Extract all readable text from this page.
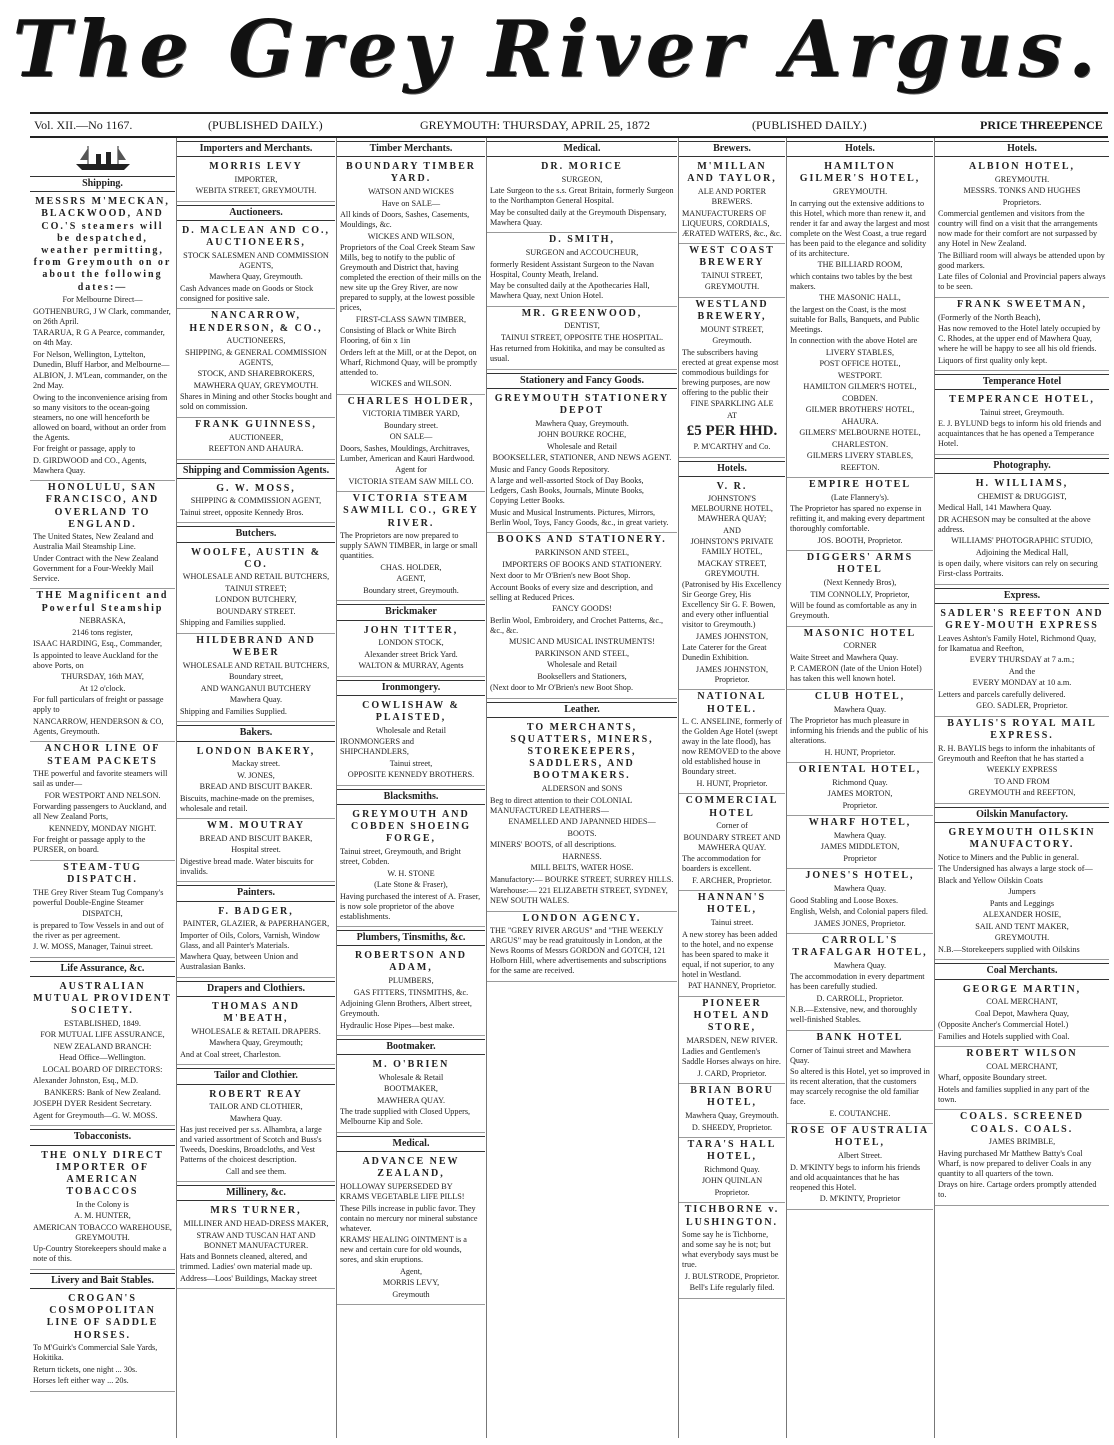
The Grey River Argus.
Vol. XII.—No 1167.	(PUBLISHED DAILY.)	GREYMOUTH: THURSDAY, APRIL 25, 1872	(PUBLISHED DAILY.)	PRICE THREEPENCE
Shipping.

MESSRS M'MECKAN, BLACKWOOD, AND CO.'S steamers will be despatched, weather permitting, from Greymouth on or about the following dates:—

For Melbourne Direct—

GOTHENBURG, J W Clark, commander, on 26th April.

TARARUA, R G A Pearce, commander, on 4th May.

For Nelson, Wellington, Lyttelton, Dunedin, Bluff Harbor, and Melbourne—

ALBION, J. M'Lean, commander, on the 2nd May.

Owing to the inconvenience arising from so many visitors to the ocean-going steamers, no one will henceforth be allowed on board, without an order from the Agents.

For freight or passage, apply to

D. GIRDWOOD and CO., Agents, Mawhera Quay.

HONOLULU, SAN FRANCISCO, AND OVERLAND TO ENGLAND.

The United States, New Zealand and Australia Mail Steamship Line.

Under Contract with the New Zealand Government for a Four-Weekly Mail Service.

THE Magnificent and Powerful Steamship

NEBRASKA,

2146 tons register,

ISAAC HARDING, Esq., Commander,

Is appointed to leave Auckland for the above Ports, on

THURSDAY, 16th MAY,

At 12 o'clock.

For full particulars of freight or passage apply to

NANCARROW, HENDERSON & CO, Agents, Greymouth.

ANCHOR LINE OF STEAM PACKETS

THE powerful and favorite steamers will sail as under—

FOR WESTPORT AND NELSON.

Forwarding passengers to Auckland, and all New Zealand Ports,

KENNEDY, MONDAY NIGHT.

For freight or passage apply to the PURSER, on board.

STEAM-TUG DISPATCH.

THE Grey River Steam Tug Company's powerful Double-Engine Steamer

DISPATCH,

is prepared to Tow Vessels in and out of the river as per agreement.

J. W. MOSS, Manager, Tainui street.

Life Assurance, &c.

AUSTRALIAN MUTUAL PROVIDENT SOCIETY.

ESTABLISHED, 1849.

FOR MUTUAL LIFE ASSURANCE,

NEW ZEALAND BRANCH:

Head Office—Wellington.

LOCAL BOARD OF DIRECTORS:

Alexander Johnston, Esq., M.D.

BANKERS: Bank of New Zealand.

JOSEPH DYER Resident Secretary.

Agent for Greymouth—G. W. MOSS.

Tobacconists.

THE ONLY DIRECT IMPORTER OF AMERICAN TOBACCOS

In the Colony is

A. M. HUNTER,

AMERICAN TOBACCO WAREHOUSE, GREYMOUTH.

Up-Country Storekeepers should make a note of this.

Livery and Bait Stables.

CROGAN'S COSMOPOLITAN LINE OF SADDLE HORSES.

To M'Guirk's Commercial Sale Yards, Hokitika.

Return tickets, one night ... 30s.

Horses left either way ... 20s.

Importers and Merchants.

MORRIS LEVY

IMPORTER,

WEBITA STREET, GREYMOUTH.

Auctioneers.

D. MACLEAN AND CO., AUCTIONEERS,

STOCK SALESMEN AND COMMISSION AGENTS,

Mawhera Quay, Greymouth.

Cash Advances made on Goods or Stock consigned for positive sale.

NANCARROW, HENDERSON, & CO.,

AUCTIONEERS,

SHIPPING, & GENERAL COMMISSION AGENTS,

STOCK, AND SHAREBROKERS,

MAWHERA QUAY, GREYMOUTH.

Shares in Mining and other Stocks bought and sold on commission.

FRANK GUINNESS,

AUCTIONEER,

REEFTON AND AHAURA.

Shipping and Commission Agents.

G. W. MOSS,

SHIPPING & COMMISSION AGENT,

Tainui street, opposite Kennedy Bros.

Butchers.

WOOLFE, AUSTIN & CO.

WHOLESALE AND RETAIL BUTCHERS,

TAINUI STREET;

LONDON BUTCHERY,

BOUNDARY STREET.

Shipping and Families supplied.

HILDEBRAND AND WEBER

WHOLESALE AND RETAIL BUTCHERS,

Boundary street,

AND WANGANUI BUTCHERY

Mawhera Quay.

Shipping and Families Supplied.

Bakers.

LONDON BAKERY,

Mackay street.

W. JONES,

BREAD AND BISCUIT BAKER.

Biscuits, machine-made on the premises, wholesale and retail.

WM. MOUTRAY

BREAD AND BISCUIT BAKER,

Hospital street.

Digestive bread made. Water biscuits for invalids.

Painters.

F. BADGER,

PAINTER, GLAZIER, & PAPERHANGER,

Importer of Oils, Colors, Varnish, Window Glass, and all Painter's Materials.

Mawhera Quay, between Union and Australasian Banks.

Drapers and Clothiers.

THOMAS AND M'BEATH,

WHOLESALE & RETAIL DRAPERS.

Mawhera Quay, Greymouth;

And at Coal street, Charleston.

Tailor and Clothier.

ROBERT REAY

TAILOR AND CLOTHIER,

Mawhera Quay.

Has just received per s.s. Alhambra, a large and varied assortment of Scotch and Buss's Tweeds, Doeskins, Broadcloths, and Vest Patterns of the choicest description.

Call and see them.

Millinery, &c.

MRS TURNER,

MILLINER AND HEAD-DRESS MAKER,

STRAW AND TUSCAN HAT AND BONNET MANUFACTURER.

Hats and Bonnets cleaned, altered, and trimmed. Ladies' own material made up.

Address—Loos' Buildings, Mackay street

Timber Merchants.

BOUNDARY TIMBER YARD.

WATSON AND WICKES

Have on SALE—

All kinds of Doors, Sashes, Casements, Mouldings, &c.

WICKES AND WILSON,

Proprietors of the Coal Creek Steam Saw Mills, beg to notify to the public of Greymouth and District that, having completed the erection of their mills on the new site up the Grey River, are now prepared to supply, at the lowest possible prices,

FIRST-CLASS SAWN TIMBER,

Consisting of Black or White Birch Flooring, of 6in x 1in

Orders left at the Mill, or at the Depot, on Wharf, Richmond Quay, will be promptly attended to.

WICKES and WILSON.

CHARLES HOLDER,

VICTORIA TIMBER YARD,

Boundary street.

ON SALE—

Doors, Sashes, Mouldings, Architraves, Lumber, American and Kauri Hardwood.

Agent for

VICTORIA STEAM SAW MILL CO.

VICTORIA STEAM SAWMILL CO., GREY RIVER.

The Proprietors are now prepared to supply SAWN TIMBER, in large or small quantities.

CHAS. HOLDER,

AGENT,

Boundary street, Greymouth.

Brickmaker

JOHN TITTER,

LONDON STOCK,

Alexander street Brick Yard.

WALTON & MURRAY, Agents

Ironmongery.

COWLISHAW & PLAISTED,

Wholesale and Retail

IRONMONGERS and SHIPCHANDLERS,

Tainui street,

OPPOSITE KENNEDY BROTHERS.

Blacksmiths.

GREYMOUTH AND COBDEN SHOEING FORGE,

Tainui street, Greymouth, and Bright street, Cobden.

W. H. STONE

(Late Stone & Fraser),

Having purchased the interest of A. Fraser, is now sole proprietor of the above establishments.

Plumbers, Tinsmiths, &c.

ROBERTSON AND ADAM,

PLUMBERS,

GAS FITTERS, TINSMITHS, &c.

Adjoining Glenn Brothers, Albert street, Greymouth.

Hydraulic Hose Pipes—best make.

Bootmaker.

M. O'BRIEN

Wholesale & Retail

BOOTMAKER,

MAWHERA QUAY.

The trade supplied with Closed Uppers, Melbourne Kip and Sole.

Medical.

ADVANCE NEW ZEALAND,

HOLLOWAY SUPERSEDED BY KRAMS VEGETABLE LIFE PILLS!

These Pills increase in public favor. They contain no mercury nor mineral substance whatever.

KRAMS' HEALING OINTMENT is a new and certain cure for old wounds, sores, and skin eruptions.

Agent,

MORRIS LEVY,

Greymouth

Medical.

DR. MORICE

SURGEON,

Late Surgeon to the s.s. Great Britain, formerly Surgeon to the Northampton General Hospital.

May be consulted daily at the Greymouth Dispensary, Mawhera Quay.

D. SMITH,

SURGEON and ACCOUCHEUR,

formerly Resident Assistant Surgeon to the Navan Hospital, County Meath, Ireland.

May be consulted daily at the Apothecaries Hall, Mawhera Quay, next Union Hotel.

MR. GREENWOOD,

DENTIST,

TAINUI STREET, OPPOSITE THE HOSPITAL.

Has returned from Hokitika, and may be consulted as usual.

Stationery and Fancy Goods.

GREYMOUTH STATIONERY DEPOT

Mawhera Quay, Greymouth.

JOHN BOURKE ROCHE,

Wholesale and Retail

BOOKSELLER, STATIONER, AND NEWS AGENT.

Music and Fancy Goods Repository.

A large and well-assorted Stock of Day Books, Ledgers, Cash Books, Journals, Minute Books, Copying Letter Books.

Music and Musical Instruments. Pictures, Mirrors, Berlin Wool, Toys, Fancy Goods, &c., in great variety.

BOOKS AND STATIONERY.

PARKINSON AND STEEL,

IMPORTERS OF BOOKS AND STATIONERY.

Next door to Mr O'Brien's new Boot Shop.

Account Books of every size and description, and selling at Reduced Prices.

FANCY GOODS!

Berlin Wool, Embroidery, and Crochet Patterns, &c., &c., &c.

MUSIC AND MUSICAL INSTRUMENTS!

PARKINSON AND STEEL,

Wholesale and Retail

Booksellers and Stationers,

(Next door to Mr O'Brien's new Boot Shop.

Leather.

TO MERCHANTS, SQUATTERS, MINERS, STOREKEEPERS, SADDLERS, AND BOOTMAKERS.

ALDERSON and SONS

Beg to direct attention to their COLONIAL MANUFACTURED LEATHERS—

ENAMELLED AND JAPANNED HIDES—

BOOTS.

MINERS' BOOTS, of all descriptions.

HARNESS.

MILL BELTS, WATER HOSE.

Manufactory:— BOURKE STREET, SURREY HILLS.

Warehouse:— 221 ELIZABETH STREET, SYDNEY, NEW SOUTH WALES.

LONDON AGENCY.

THE "GREY RIVER ARGUS" and "THE WEEKLY ARGUS" may be read gratuitously in London, at the News Rooms of Messrs GORDON and GOTCH, 121 Holborn Hill, where advertisements and subscriptions for the same are received.

Brewers.

M'MILLAN AND TAYLOR,

ALE AND PORTER BREWERS.

MANUFACTURERS OF LIQUEURS, CORDIALS, ÆRATED WATERS, &c., &c.

WEST COAST BREWERY

TAINUI STREET,

GREYMOUTH.

WESTLAND BREWERY,

MOUNT STREET,

Greymouth.

The subscribers having erected at great expense most commodious buildings for brewing purposes, are now offering to the public their

FINE SPARKLING ALE

AT

£5 PER HHD.

P. M'CARTHY and Co.

Hotels.

V. R.

JOHNSTON'S MELBOURNE HOTEL, MAWHERA QUAY;

AND

JOHNSTON'S PRIVATE FAMILY HOTEL,

MACKAY STREET, GREYMOUTH.

(Patronised by His Excellency Sir George Grey, His Excellency Sir G. F. Bowen, and every other influential visitor to Greymouth.)

JAMES JOHNSTON,

Late Caterer for the Great Dunedin Exhibition.

JAMES JOHNSTON, Proprietor.

NATIONAL HOTEL.

L. C. ANSELINE, formerly of the Golden Age Hotel (swept away in the late flood), has now REMOVED to the above old established house in Boundary street.

H. HUNT, Proprietor.

COMMERCIAL HOTEL

Corner of

BOUNDARY STREET AND MAWHERA QUAY.

The accommodation for boarders is excellent.

F. ARCHER, Proprietor.

HANNAN'S HOTEL,

Tainui street.

A new storey has been added to the hotel, and no expense has been spared to make it equal, if not superior, to any hotel in Westland.

PAT HANNEY, Proprietor.

PIONEER HOTEL AND STORE,

MARSDEN, NEW RIVER.

Ladies and Gentlemen's Saddle Horses always on hire.

J. CARD, Proprietor.

BRIAN BORU HOTEL,

Mawhera Quay, Greymouth.

D. SHEEDY, Proprietor.

TARA'S HALL HOTEL,

Richmond Quay.

JOHN QUINLAN

Proprietor.

TICHBORNE v. LUSHINGTON.

Some say he is Tichborne, and some say he is not; but what everybody says must be true.

J. BULSTRODE, Proprietor.

Bell's Life regularly filed.

Hotels.

HAMILTON GILMER'S HOTEL,

GREYMOUTH.

In carrying out the extensive additions to this Hotel, which more than renew it, and render it far and away the largest and most complete on the West Coast, a true regard has been paid to the elegance and solidity of its architecture.

THE BILLIARD ROOM,

which contains two tables by the best makers.

THE MASONIC HALL,

the largest on the Coast, is the most suitable for Balls, Banquets, and Public Meetings.

In connection with the above Hotel are

LIVERY STABLES,

POST OFFICE HOTEL,

WESTPORT.

HAMILTON GILMER'S HOTEL,

COBDEN.

GILMER BROTHERS' HOTEL,

AHAURA.

GILMERS' MELBOURNE HOTEL,

CHARLESTON.

GILMERS LIVERY STABLES,

REEFTON.

EMPIRE HOTEL

(Late Flannery's).

The Proprietor has spared no expense in refitting it, and making every department thoroughly comfortable.

JOS. BOOTH, Proprietor.

DIGGERS' ARMS HOTEL

(Next Kennedy Bros),

TIM CONNOLLY, Proprietor,

Will be found as comfortable as any in Greymouth.

MASONIC HOTEL

CORNER

Waite Street and Mawhera Quay.

P. CAMERON (late of the Union Hotel) has taken this well known hotel.

CLUB HOTEL,

Mawhera Quay.

The Proprietor has much pleasure in informing his friends and the public of his alterations.

H. HUNT, Proprietor.

ORIENTAL HOTEL,

Richmond Quay.

JAMES MORTON,

Proprietor.

WHARF HOTEL,

Mawhera Quay.

JAMES MIDDLETON,

Proprietor

JONES'S HOTEL,

Mawhera Quay.

Good Stabling and Loose Boxes.

English, Welsh, and Colonial papers filed.

JAMES JONES, Proprietor.

CARROLL'S TRAFALGAR HOTEL,

Mawhera Quay.

The accommodation in every department has been carefully studied.

D. CARROLL, Proprietor.

N.B.—Extensive, new, and thoroughly well-finished Stables.

BANK HOTEL

Corner of Tainui street and Mawhera Quay.

So altered is this Hotel, yet so improved in its recent alteration, that the customers may scarcely recognise the old familiar face.

E. COUTANCHE.

ROSE OF AUSTRALIA HOTEL,

Albert Street.

D. M'KINTY begs to inform his friends and old acquaintances that he has reopened this Hotel.

D. M'KINTY, Proprietor

Hotels.

ALBION HOTEL,

GREYMOUTH.

MESSRS. TONKS AND HUGHES

Proprietors.

Commercial gentlemen and visitors from the country will find on a visit that the arrangements now made for their comfort are not surpassed by any Hotel in New Zealand.

The Billiard room will always be attended upon by good markers.

Late files of Colonial and Provincial papers always to be seen.

FRANK SWEETMAN,

(Formerly of the North Beach),

Has now removed to the Hotel lately occupied by C. Rhodes, at the upper end of Mawhera Quay, where he will be happy to see all his old friends.

Liquors of first quality only kept.

Temperance Hotel

TEMPERANCE HOTEL,

Tainui street, Greymouth.

E. J. BYLUND begs to inform his old friends and acquaintances that he has opened a Temperance Hotel.

Photography.

H. WILLIAMS,

CHEMIST & DRUGGIST,

Medical Hall, 141 Mawhera Quay.

DR ACHESON may be consulted at the above address.

WILLIAMS' PHOTOGRAPHIC STUDIO,

Adjoining the Medical Hall,

is open daily, where visitors can rely on securing First-class Portraits.

Express.

SADLER'S REEFTON AND GREY-MOUTH EXPRESS

Leaves Ashton's Family Hotel, Richmond Quay, for Ikamatua and Reefton,

EVERY THURSDAY at 7 a.m.;

And the

EVERY MONDAY at 10 a.m.

Letters and parcels carefully delivered.

GEO. SADLER, Proprietor.

BAYLIS'S ROYAL MAIL EXPRESS.

R. H. BAYLIS begs to inform the inhabitants of Greymouth and Reefton that he has started a

WEEKLY EXPRESS

TO AND FROM

GREYMOUTH and REEFTON,

Oilskin Manufactory.

GREYMOUTH OILSKIN MANUFACTORY.

Notice to Miners and the Public in general.

The Undersigned has always a large stock of—

Black and Yellow Oilskin Coats

Jumpers

Pants and Leggings

ALEXANDER HOSIE,

SAIL AND TENT MAKER,

GREYMOUTH.

N.B.—Storekeepers supplied with Oilskins

Coal Merchants.

GEORGE MARTIN,

COAL MERCHANT,

Coal Depot, Mawhera Quay,

(Opposite Ancher's Commercial Hotel.)

Families and Hotels supplied with Coal.

ROBERT WILSON

COAL MERCHANT,

Wharf, opposite Boundary street.

Hotels and families supplied in any part of the town.

COALS. SCREENED COALS. COALS.

JAMES BRIMBLE,

Having purchased Mr Matthew Batty's Coal Wharf, is now prepared to deliver Coals in any quantity to all quarters of the town.

Drays on hire. Cartage orders promptly attended to.
